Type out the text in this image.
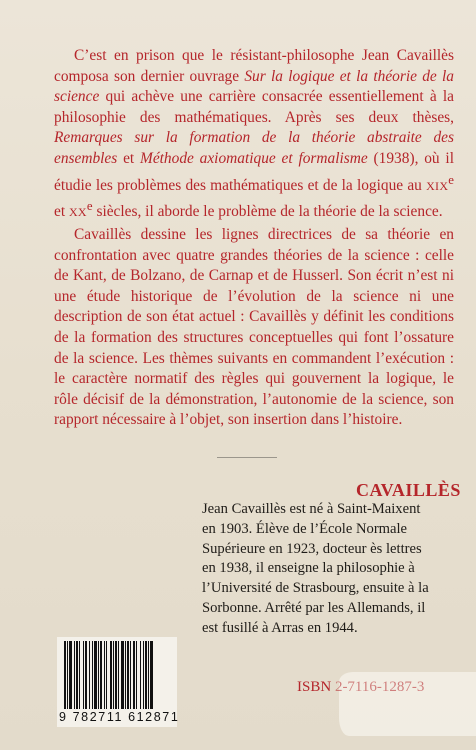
C’est en prison que le résistant-philosophe Jean Cavaillès composa son dernier ouvrage Sur la logique et la théorie de la science qui achève une carrière consacrée essentiellement à la philosophie des mathématiques. Après ses deux thèses, Remarques sur la formation de la théorie abstraite des ensembles et Méthode axiomatique et formalisme (1938), où il étudie les problèmes des mathématiques et de la logique au XIXe et XXe siècles, il aborde le problème de la théorie de la science.

Cavaillès dessine les lignes directrices de sa théorie en confrontation avec quatre grandes théories de la science : celle de Kant, de Bolzano, de Carnap et de Husserl. Son écrit n’est ni une étude historique de l’évolution de la science ni une description de son état actuel : Cavaillès y définit les conditions de la formation des structures conceptuelles qui font l’ossature de la science. Les thèmes suivants en commandent l’exécution : le caractère normatif des règles qui gouvernent la logique, le rôle décisif de la démonstration, l’autonomie de la science, son rapport nécessaire à l’objet, son insertion dans l’histoire.

CAVAILLÈS

Jean Cavaillès est né à Saint-Maixent

en 1903. Élève de l’École Normale

Supérieure en 1923, docteur ès lettres

en 1938, il enseigne la philosophie à

l’Université de Strasbourg, ensuite à la

Sorbonne. Arrêté par les Allemands, il

est fusillé à Arras en 1944.

9 782711 612871
ISBN 2-7116-1287-3
